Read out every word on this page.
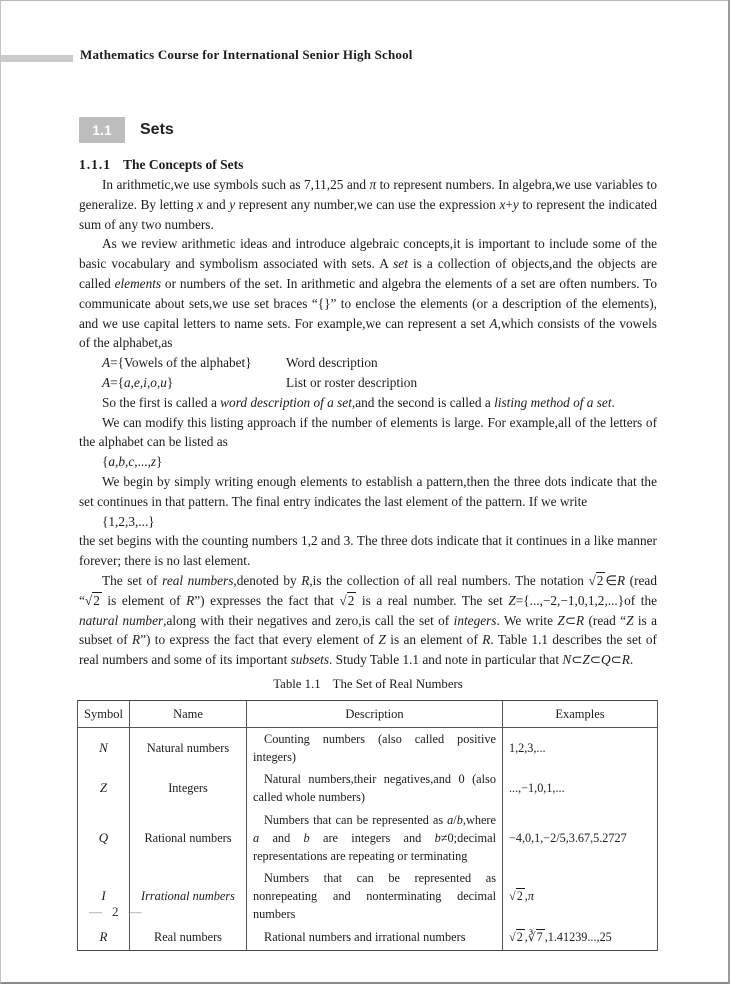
Mathematics Course for International Senior High School
1.1	Sets
1.1.1 The Concepts of Sets

In arithmetic,we use symbols such as 7,11,25 and π to represent numbers. In algebra,we use variables to generalize. By letting x and y represent any number,we can use the expression x+y to represent the indicated sum of any two numbers.

As we review arithmetic ideas and introduce algebraic concepts,it is important to include some of the basic vocabulary and symbolism associated with sets. A set is a collection of objects,and the objects are called elements or numbers of the set. In arithmetic and algebra the elements of a set are often numbers. To communicate about sets,we use set braces “{}” to enclose the elements (or a description of the elements), and we use capital letters to name sets. For example,we can represent a set A,which consists of the vowels of the alphabet,as

A={Vowels of the alphabet}	Word description

A={a,e,i,o,u}	List or roster description

So the first is called a word description of a set,and the second is called a listing method of a set.

We can modify this listing approach if the number of elements is large. For example,all of the letters of the alphabet can be listed as

{a,b,c,...,z}

We begin by simply writing enough elements to establish a pattern,then the three dots indicate that the set continues in that pattern. The final entry indicates the last element of the pattern. If we write

{1,2,3,...}

the set begins with the counting numbers 1,2 and 3. The three dots indicate that it continues in a like manner forever; there is no last element.

The set of real numbers,denoted by R,is the collection of all real numbers. The notation √2 ∈R (read “√2 is element of R”) expresses the fact that √2 is a real number. The set Z={...,−2,−1,0,1,2,...}of the natural number,along with their negatives and zero,is call the set of integers. We write Z⊂R (read “Z is a subset of R”) to express the fact that every element of Z is an element of R. Table 1.1 describes the set of real numbers and some of its important subsets. Study Table 1.1 and note in particular that N⊂Z⊂Q⊂R.

Table 1.1 The Set of Real Numbers
Symbol	Name	Description	Examples
N	Natural numbers	Counting numbers (also called positive integers)	1,2,3,...
Z	Integers	Natural numbers,their negatives,and 0 (also called whole numbers)	...,−1,0,1,...
Q	Rational numbers	Numbers that can be represented as a/b,where a and b are integers and b≠0;decimal representations are repeating or terminating	−4,0,1,−2/5,3.67,5.2727
I	Irrational numbers	Numbers that can be represented as nonrepeating and nonterminating decimal numbers	√2 ,π
R	Real numbers	Rational numbers and irrational numbers	√2 ,∛7 ,1.41239...,25
— 2 —
